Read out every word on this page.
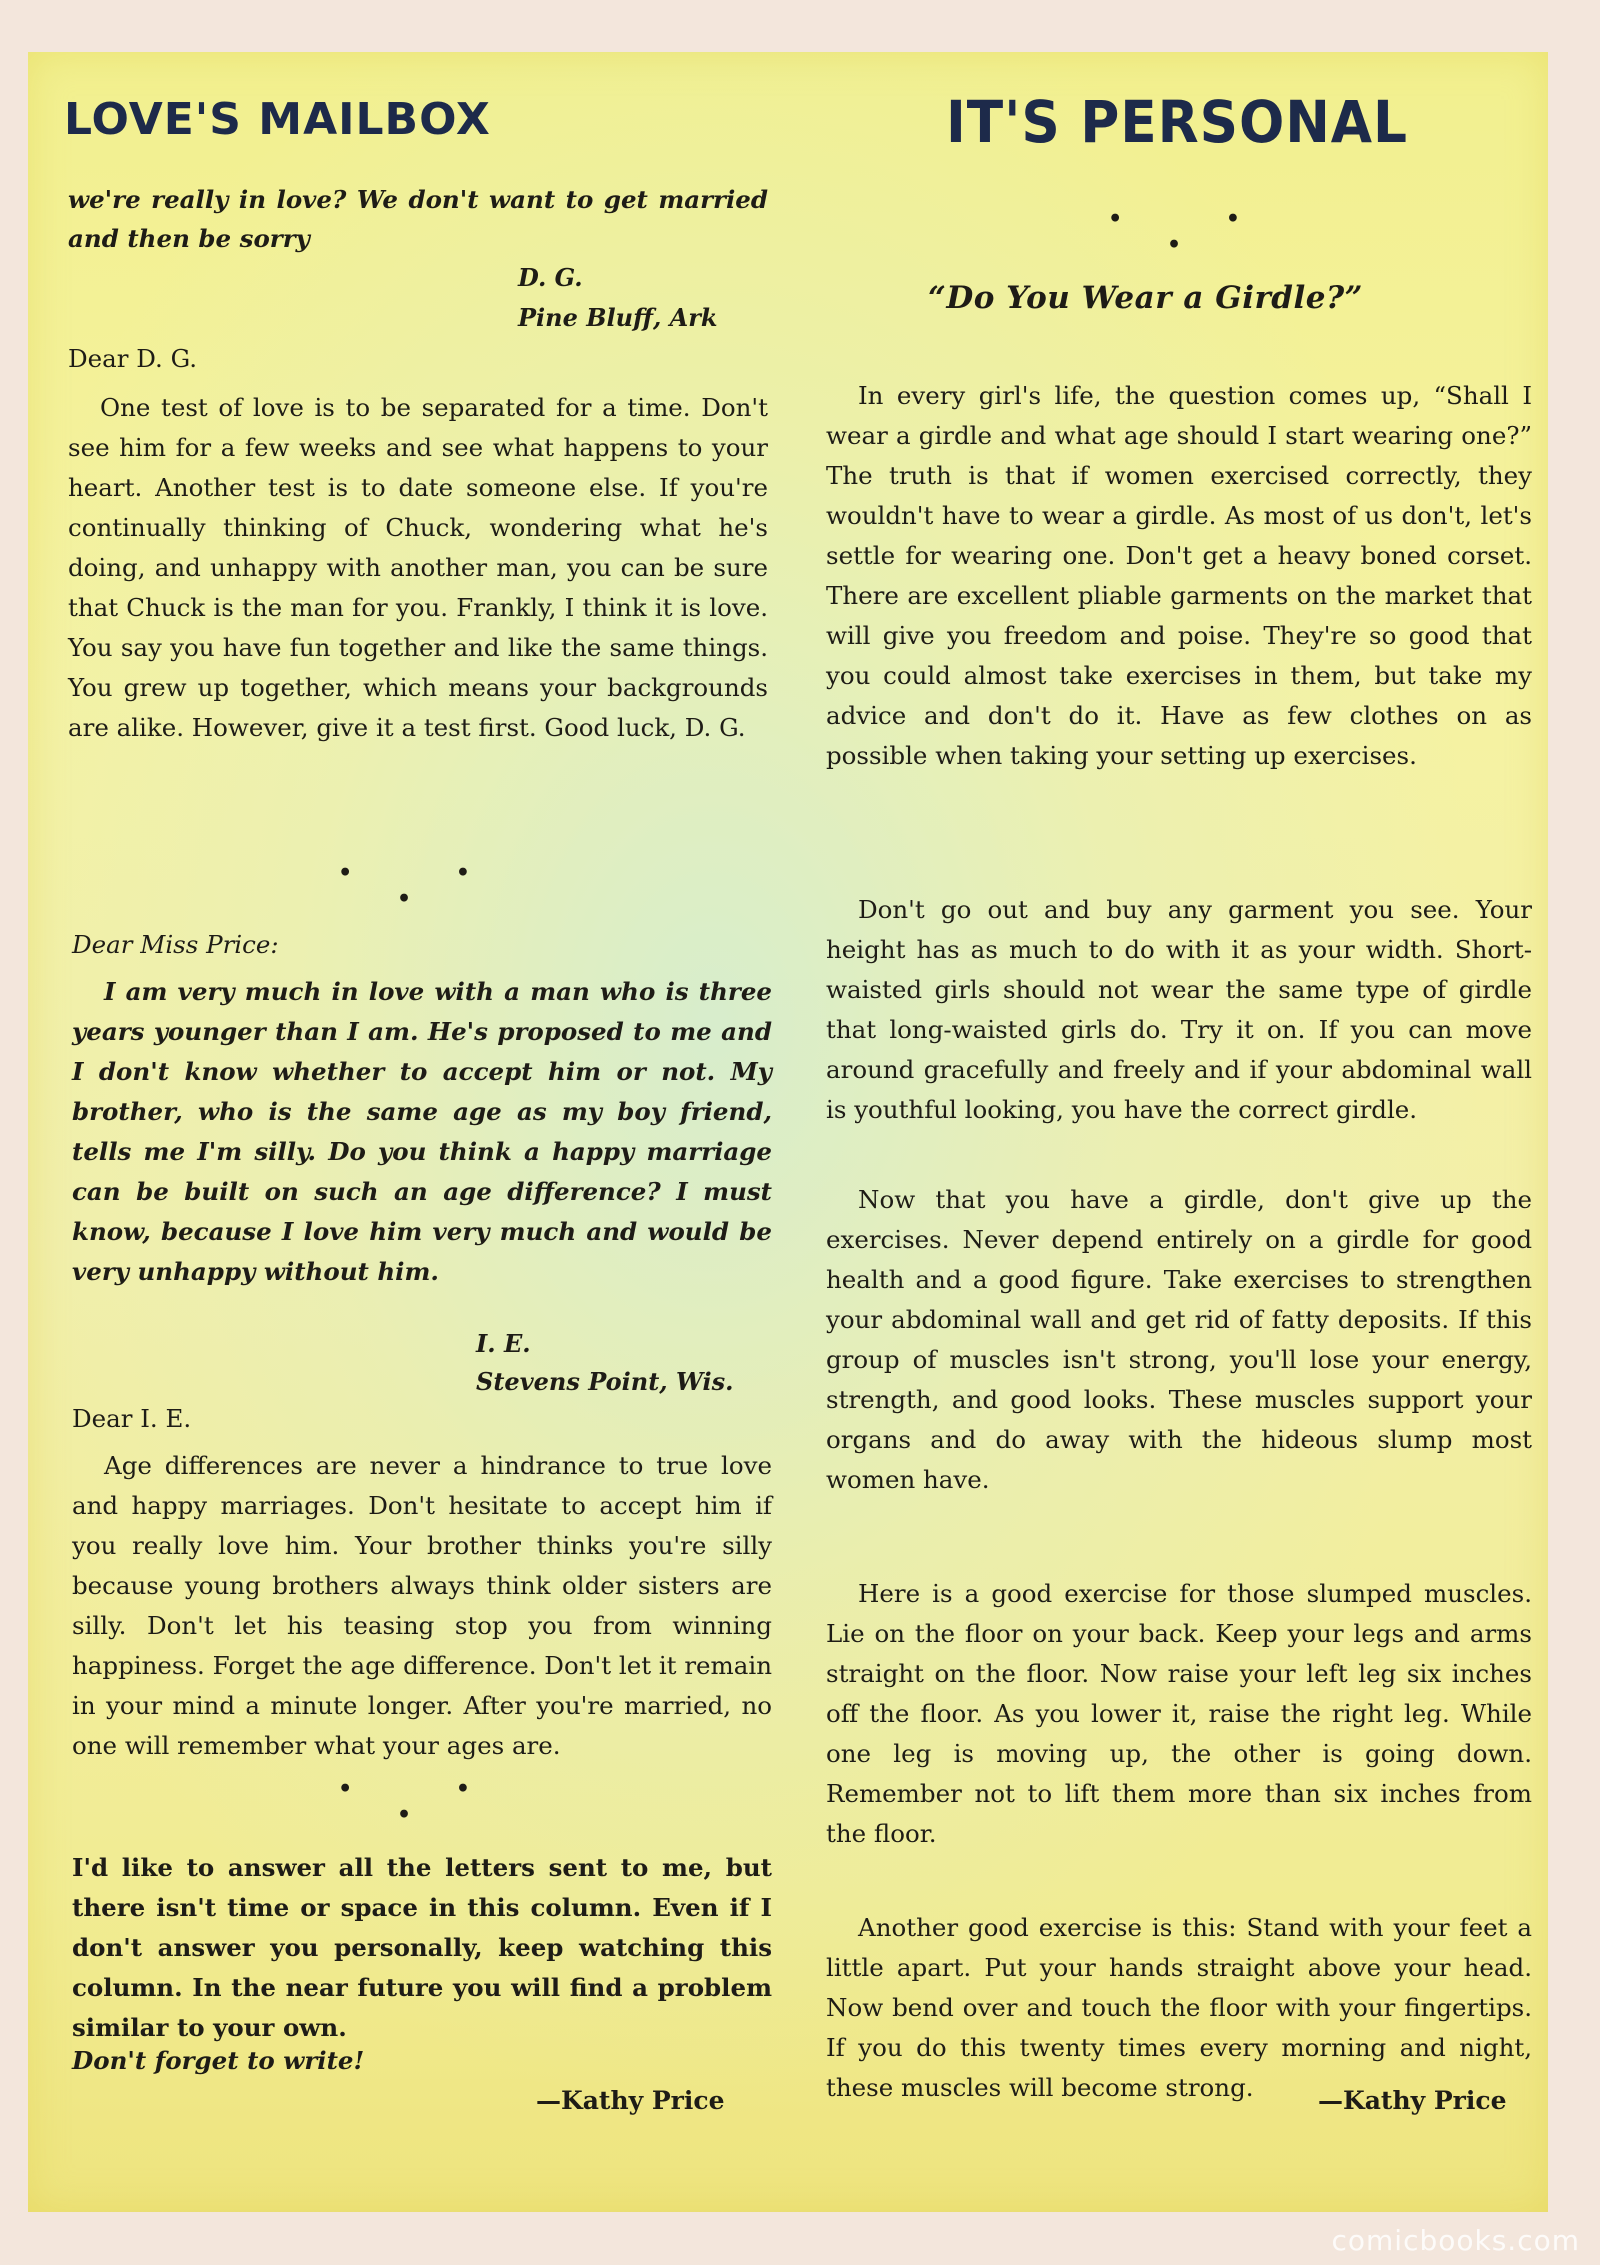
LOVE'S MAILBOX
we're really in love? We don't want to get married and then be sorry
D. G.
Pine Bluff, Ark
Dear D. G.

One test of love is to be separated for a time. Don't see him for a few weeks and see what happens to your heart. Another test is to date someone else. If you're continually thinking of Chuck, wondering what he's doing, and unhappy with another man, you can be sure that Chuck is the man for you. Frankly, I think it is love. You say you have fun together and like the same things. You grew up together, which means your backgrounds are alike. However, give it a test first. Good luck, D. G.

• • •
Dear Miss Price:

I am very much in love with a man who is three years younger than I am. He's proposed to me and I don't know whether to accept him or not. My brother, who is the same age as my boy friend, tells me I'm silly. Do you think a happy marriage can be built on such an age difference? I must know, because I love him very much and would be very unhappy without him.

I. E.
Stevens Point, Wis.
Dear I. E.

Age differences are never a hindrance to true love and happy marriages. Don't hesitate to accept him if you really love him. Your brother thinks you're silly because young brothers always think older sisters are silly. Don't let his teasing stop you from winning happiness. Forget the age difference. Don't let it remain in your mind a minute longer. After you're married, no one will remember what your ages are.

• • •

I'd like to answer all the letters sent to me, but there isn't time or space in this column. Even if I don't answer you personally, keep watching this column. In the near future you will find a problem similar to your own.

Don't forget to write!
—Kathy Price
IT'S PERSONAL
• • •
“Do You Wear a Girdle?”

In every girl's life, the question comes up, “Shall I wear a girdle and what age should I start wearing one?” The truth is that if women exercised correctly, they wouldn't have to wear a girdle. As most of us don't, let's settle for wearing one. Don't get a heavy boned corset. There are excellent pliable garments on the market that will give you freedom and poise. They're so good that you could almost take exercises in them, but take my advice and don't do it. Have as few clothes on as possible when taking your setting up exercises.

Don't go out and buy any garment you see. Your height has as much to do with it as your width. Short-waisted girls should not wear the same type of girdle that long-waisted girls do. Try it on. If you can move around gracefully and freely and if your abdominal wall is youthful looking, you have the correct girdle.

Now that you have a girdle, don't give up the exercises. Never depend entirely on a girdle for good health and a good figure. Take exercises to strengthen your abdominal wall and get rid of fatty deposits. If this group of muscles isn't strong, you'll lose your energy, strength, and good looks. These muscles support your organs and do away with the hideous slump most women have.

Here is a good exercise for those slumped muscles. Lie on the floor on your back. Keep your legs and arms straight on the floor. Now raise your left leg six inches off the floor. As you lower it, raise the right leg. While one leg is moving up, the other is going down. Remember not to lift them more than six inches from the floor.

Another good exercise is this: Stand with your feet a little apart. Put your hands straight above your head. Now bend over and touch the floor with your fingertips. If you do this twenty times every morning and night, these muscles will become strong.	—Kathy Price
comicbooks.com
